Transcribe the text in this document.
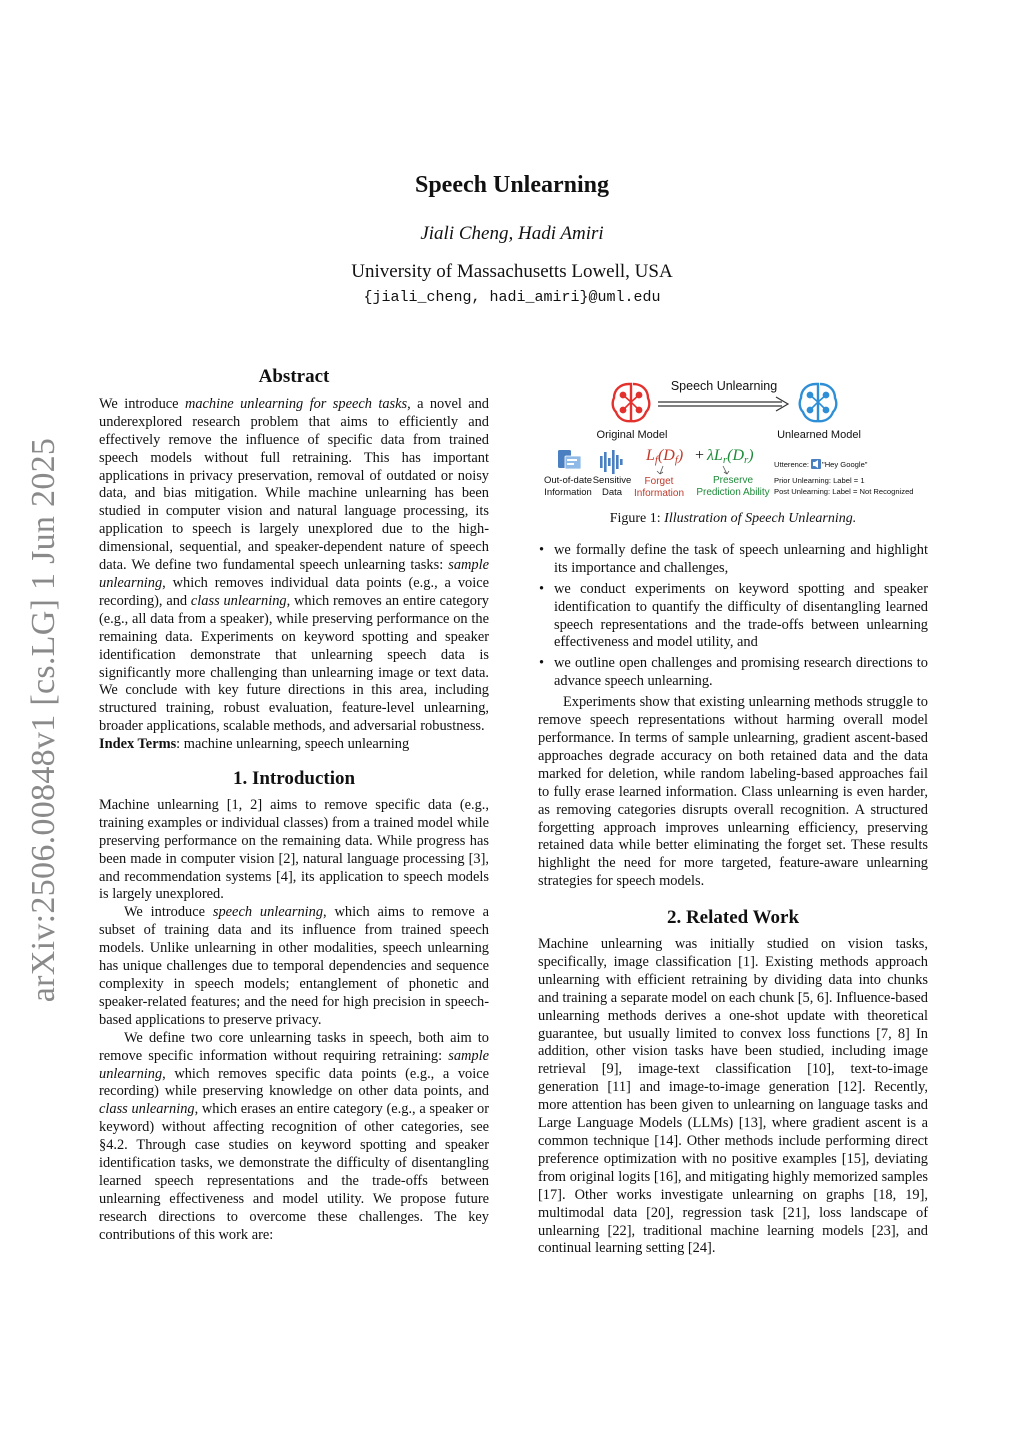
arXiv:2506.00848v1 [cs.LG] 1 Jun 2025
Speech Unlearning
Jiali Cheng, Hadi Amiri
University of Massachusetts Lowell, USA
{jiali_cheng, hadi_amiri}@uml.edu
Abstract

We introduce machine unlearning for speech tasks, a novel and underexplored research problem that aims to efficiently and effectively remove the influence of specific data from trained speech models without full retraining. This has important applications in privacy preservation, removal of outdated or noisy data, and bias mitigation. While machine unlearning has been studied in computer vision and natural language processing, its application to speech is largely unexplored due to the high-dimensional, sequential, and speaker-dependent nature of speech data. We define two fundamental speech unlearning tasks: sample unlearning, which removes individual data points (e.g., a voice recording), and class unlearning, which removes an entire category (e.g., all data from a speaker), while preserving performance on the remaining data. Experiments on keyword spotting and speaker identification demonstrate that unlearning speech data is significantly more challenging than unlearning image or text data. We conclude with key future directions in this area, including structured training, robust evaluation, feature-level unlearning, broader applications, scalable methods, and adversarial robustness.

Index Terms: machine unlearning, speech unlearning

1. Introduction

Machine unlearning [1, 2] aims to remove specific data (e.g., training examples or individual classes) from a trained model while preserving performance on the remaining data. While progress has been made in computer vision [2], natural language processing [3], and recommendation systems [4], its application to speech models is largely unexplored.

We introduce speech unlearning, which aims to remove a subset of training data and its influence from trained speech models. Unlike unlearning in other modalities, speech unlearning has unique challenges due to temporal dependencies and sequence complexity in speech models; entanglement of phonetic and speaker-related features; and the need for high precision in speech-based applications to preserve privacy.

We define two core unlearning tasks in speech, both aim to remove specific information without requiring retraining: sample unlearning, which removes specific data points (e.g., a voice recording) while preserving knowledge on other data points, and class unlearning, which erases an entire category (e.g., a speaker or keyword) without affecting recognition of other categories, see §4.2. Through case studies on keyword spotting and speaker identification tasks, we demonstrate the difficulty of disentangling learned speech representations and the trade-offs between unlearning effectiveness and model utility. We propose future research directions to overcome these challenges. The key contributions of this work are:

Speech Unlearning
Original Model	Unlearned Model
Out-of-date
Information
Sensitive
Data
Lf(Df) + λLr(Dr)
Forget
Information
Preserve
Prediction Ability
Utterence: "Hey Google"
Prior Unlearning: Label = 1
Post Unlearning: Label = Not Recognized
Figure 1: Illustration of Speech Unlearning.
• we formally define the task of speech unlearning and highlight its importance and challenges,
• we conduct experiments on keyword spotting and speaker identification to quantify the difficulty of disentangling learned speech representations and the trade-offs between unlearning effectiveness and model utility, and
• we outline open challenges and promising research directions to advance speech unlearning.

Experiments show that existing unlearning methods struggle to remove speech representations without harming overall model performance. In terms of sample unlearning, gradient ascent-based approaches degrade accuracy on both retained data and the data marked for deletion, while random labeling-based approaches fail to fully erase learned information. Class unlearning is even harder, as removing categories disrupts overall recognition. A structured forgetting approach improves unlearning efficiency, preserving retained data while better eliminating the forget set. These results highlight the need for more targeted, feature-aware unlearning strategies for speech models.

2. Related Work

Machine unlearning was initially studied on vision tasks, specifically, image classification [1]. Existing methods approach unlearning with efficient retraining by dividing data into chunks and training a separate model on each chunk [5, 6]. Influence-based unlearning methods derives a one-shot update with theoretical guarantee, but usually limited to convex loss functions [7, 8] In addition, other vision tasks have been studied, including image retrieval [9], image-text classification [10], text-to-image generation [11] and image-to-image generation [12]. Recently, more attention has been given to unlearning on language tasks and Large Language Models (LLMs) [13], where gradient ascent is a common technique [14]. Other methods include performing direct preference optimization with no positive examples [15], deviating from original logits [16], and mitigating highly memorized samples [17]. Other works investigate unlearning on graphs [18, 19], multimodal data [20], regression task [21], loss landscape of unlearning [22], traditional machine learning models [23], and continual learning setting [24].
